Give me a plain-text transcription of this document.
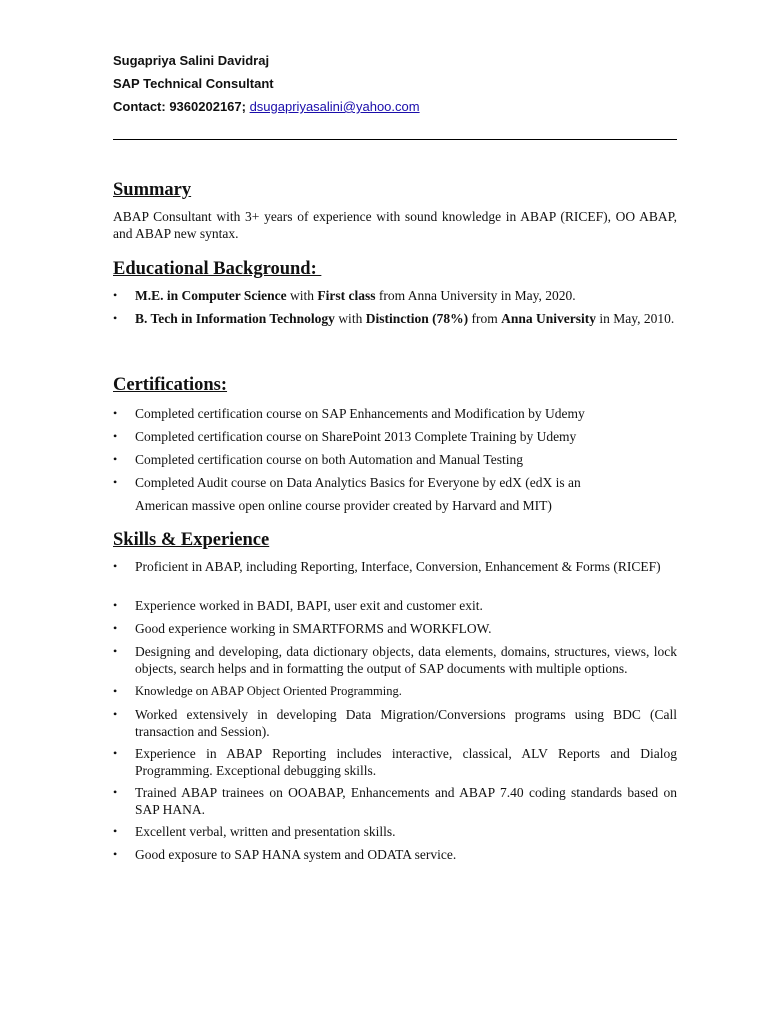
Sugapriya Salini Davidraj
SAP Technical Consultant
Contact: 9360202167; dsugapriyasalini@yahoo.com
Summary

ABAP Consultant with 3+ years of experience with sound knowledge in ABAP (RICEF), OO ABAP, and ABAP new syntax.

Educational Background:
•	M.E. in Computer Science with First class from Anna University in May, 2020.
•	B. Tech in Information Technology with Distinction (78%) from Anna University in May, 2010.
Certifications:
•	Completed certification course on SAP Enhancements and Modification by Udemy
•	Completed certification course on SharePoint 2013 Complete Training by Udemy
•	Completed certification course on both Automation and Manual Testing
•	Completed Audit course on Data Analytics Basics for Everyone by edX (edX is an
American massive open online course provider created by Harvard and MIT)
Skills & Experience
•	Proficient in ABAP, including Reporting, Interface, Conversion, Enhancement & Forms (RICEF)
•	Experience worked in BADI, BAPI, user exit and customer exit.
•	Good experience working in SMARTFORMS and WORKFLOW.
•	Designing and developing, data dictionary objects, data elements, domains, structures, views, lock objects, search helps and in formatting the output of SAP documents with multiple options.
•	Knowledge on ABAP Object Oriented Programming.
•	Worked extensively in developing Data Migration/Conversions programs using BDC (Call transaction and Session).
•	Experience in ABAP Reporting includes interactive, classical, ALV Reports and Dialog Programming. Exceptional debugging skills.
•	Trained ABAP trainees on OOABAP, Enhancements and ABAP 7.40 coding standards based on SAP HANA.
•	Excellent verbal, written and presentation skills.
•	Good exposure to SAP HANA system and ODATA service.
